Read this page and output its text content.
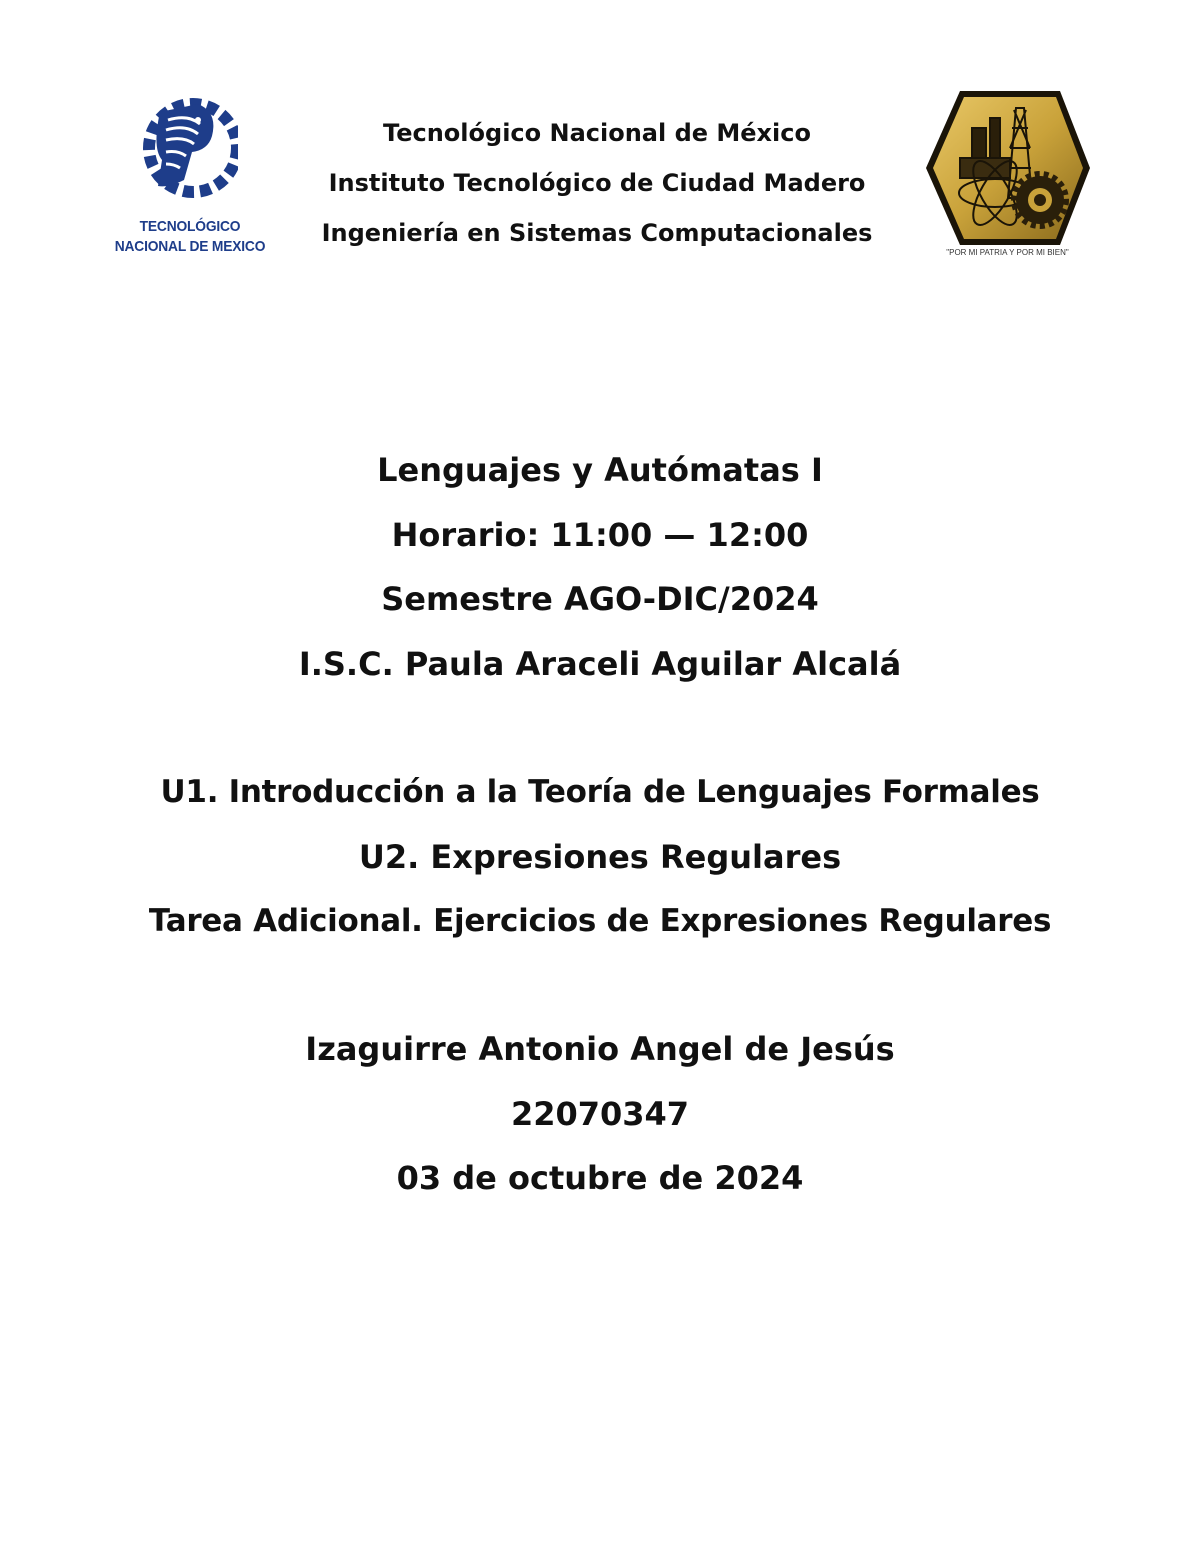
TECNOLÓGICO
NACIONAL DE MEXICO
Tecnológico Nacional de México
Instituto Tecnológico de Ciudad Madero
Ingeniería en Sistemas Computacionales
"POR MI PATRIA Y POR MI BIEN"
Lenguajes y Autómatas I
Horario: 11:00 — 12:00
Semestre AGO-DIC/2024
I.S.C. Paula Araceli Aguilar Alcalá
U1. Introducción a la Teoría de Lenguajes Formales
U2. Expresiones Regulares
Tarea Adicional. Ejercicios de Expresiones Regulares
Izaguirre Antonio Angel de Jesús
22070347
03 de octubre de 2024
